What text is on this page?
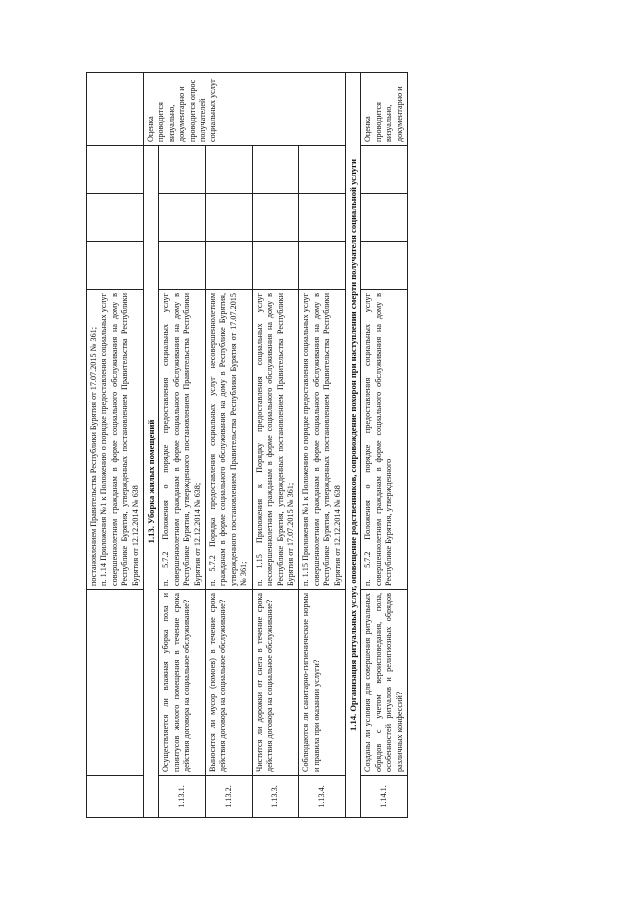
		постановлением Правительства Республики Бурятия от 17.07.2015 № 361; п. 1.14 Приложения №1 к Положению о порядке предоставления социальных услуг совершеннолетним гражданам в форме социального обслуживания на дому в Республике Бурятия, утвержденных постановлением Правительства Республики Бурятия от 12.12.2014 № 638				

1.13. Уборка жилых помещений						Оценка проводится визуально, документарно и проводится опрос получателей социальных услуг
1.13.1.	Осуществляется ли влажная уборка пола и плинтусов жилого помещения в течение срока действия договора на социальное обслуживание?	п. 5.7.2 Положения о порядке предоставления социальных услуг совершеннолетним гражданам в форме социального обслуживания на дому в Республике Бурятия, утвержденного постановлением Правительства Республики Бурятия от 12.12.2014 № 638;				
1.13.2.	Выносится ли мусор (помоев) в течение срока действия договора на социальное обслуживание?	п. 5.7.2 Порядка предоставления социальных услуг несовершеннолетним гражданам в форме социального обслуживания на дому в Республике Бурятия, утвержденного постановлением Правительства Республики Бурятия от 17.07.2015 № 361;				
1.13.3.	Чистится ли дорожки от снега в течение срока действия договора на социальное обслуживание?	п. 1.15 Приложения к Порядку предоставления социальных услуг несовершеннолетним гражданам в форме социального обслуживания на дому в Республике Бурятия, утвержденных постановлением Правительства Республики Бурятия от 17.07.2015 № 361;				
1.13.4.	Соблюдаются ли санитарно-гигиенические нормы и правила при оказании услуги?	п. 1.15 Приложения №1 к Положению о порядке предоставления социальных услуг совершеннолетним гражданам в форме социального обслуживания на дому в Республике Бурятия, утвержденных постановлением Правительства Республики Бурятия от 12.12.2014 № 638				
1.14. Организация ритуальных услуг, оповещение родственников, сопровождение похорон при наступлении смерти получателя социальной услуги						
1.14.1.	Созданы ли условия для совершения ритуальных обрядов с учетом вероисповедания, пола, особенностей ритуалов и религиозных обрядов различных конфессий?	п. 5.7.2 Положения о порядке предоставления социальных услуг совершеннолетним гражданам в форме социального обслуживания на дому в Республике Бурятия, утвержденного				Оценка проводится визуально, документарно и
